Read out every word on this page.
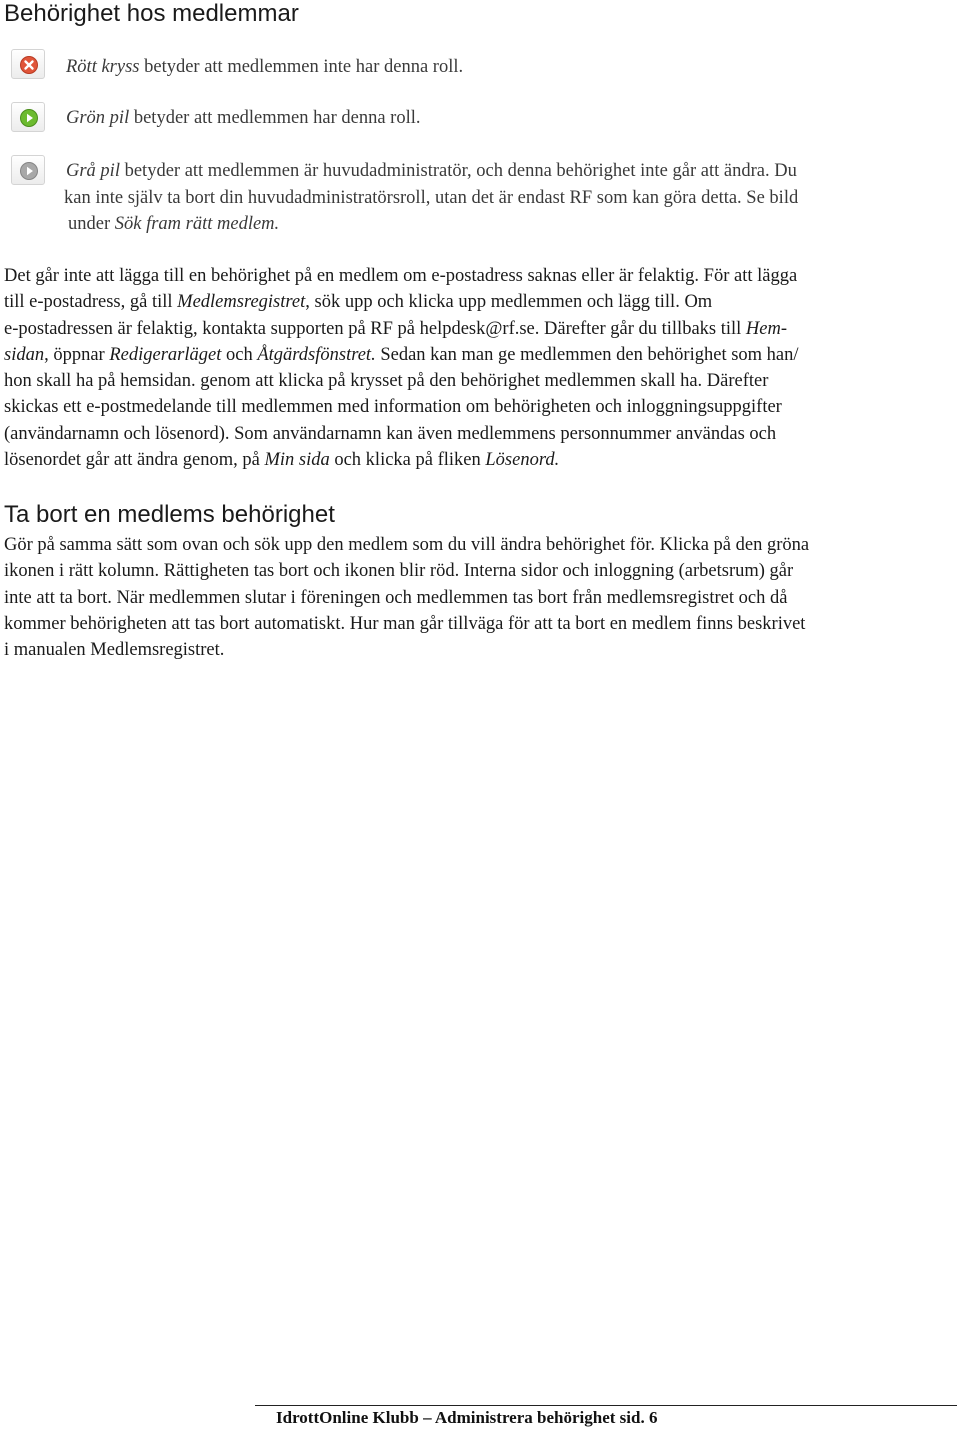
Behörighet hos medlemmar
Rött kryss betyder att medlemmen inte har denna roll.
Grön pil betyder att medlemmen har denna roll.
Grå pil betyder att medlemmen är huvudadministratör, och denna behörighet inte går att ändra. Du
kan inte själv ta bort din huvudadministratörsroll, utan det är endast RF som kan göra detta. Se bild
under Sök fram rätt medlem.
Det går inte att lägga till en behörighet på en medlem om e-postadress saknas eller är felaktig. För att lägga
till e-postadress, gå till Medlemsregistret, sök upp och klicka upp medlemmen och lägg till. Om
e-postadressen är felaktig, kontakta supporten på RF på helpdesk@rf.se. Därefter går du tillbaks till Hem-
sidan, öppnar Redigerarläget och Åtgärdsfönstret. Sedan kan man ge medlemmen den behörighet som han/
hon skall ha på hemsidan. genom att klicka på krysset på den behörighet medlemmen skall ha. Därefter
skickas ett e-postmedelande till medlemmen med information om behörigheten och inloggningsuppgifter
(användarnamn och lösenord). Som användarnamn kan även medlemmens personnummer användas och
lösenordet går att ändra genom, på Min sida och klicka på fliken Lösenord.
Ta bort en medlems behörighet
Gör på samma sätt som ovan och sök upp den medlem som du vill ändra behörighet för. Klicka på den gröna
ikonen i rätt kolumn. Rättigheten tas bort och ikonen blir röd. Interna sidor och inloggning (arbetsrum) går
inte att ta bort. När medlemmen slutar i föreningen och medlemmen tas bort från medlemsregistret och då
kommer behörigheten att tas bort automatiskt. Hur man går tillväga för att ta bort en medlem finns beskrivet
i manualen Medlemsregistret.
IdrottOnline Klubb – Administrera behörighet sid. 6
